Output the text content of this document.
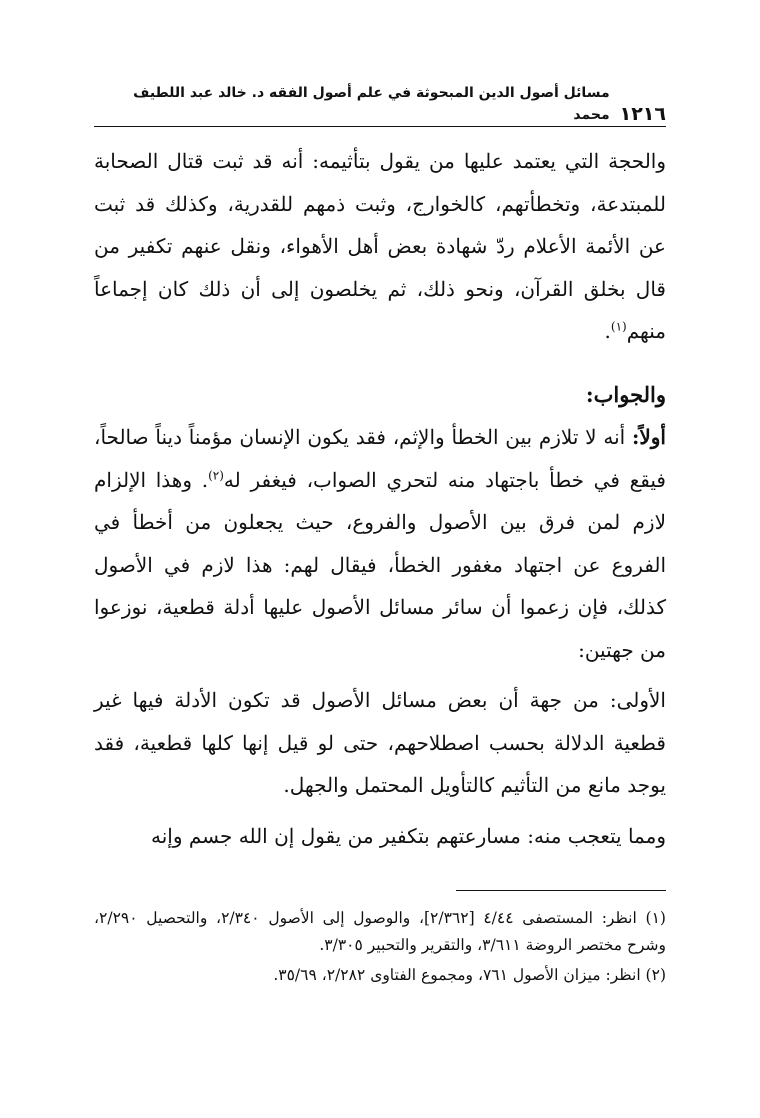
١٢١٦
مسائل أصول الدين المبحوثة في علم أصول الفقه د. خالد عبد اللطيف محمد

والحجة التي يعتمد عليها من يقول بتأثيمه: أنه قد ثبت قتال الصحابة للمبتدعة، وتخطأتهم، كالخوارج، وثبت ذمهم للقدرية، وكذلك قد ثبت عن الأئمة الأعلام ردّ شهادة بعض أهل الأهواء، ونقل عنهم تكفير من قال بخلق القرآن، ونحو ذلك، ثم يخلصون إلى أن ذلك كان إجماعاً منهم$^{(١)}$.

والجواب:

أولاً: أنه لا تلازم بين الخطأ والإثم، فقد يكون الإنسان مؤمناً ديناً صالحاً، فيقع في خطأ باجتهاد منه لتحري الصواب، فيغفر له$^{(٢)}$. وهذا الإلزام لازم لمن فرق بين الأصول والفروع، حيث يجعلون من أخطأ في الفروع عن اجتهاد مغفور الخطأ، فيقال لهم: هذا لازم في الأصول كذلك، فإن زعموا أن سائر مسائل الأصول عليها أدلة قطعية، نوزعوا من جهتين:

الأولى: من جهة أن بعض مسائل الأصول قد تكون الأدلة فيها غير قطعية الدلالة بحسب اصطلاحهم، حتى لو قيل إنها كلها قطعية، فقد يوجد مانع من التأثيم كالتأويل المحتمل والجهل.

ومما يتعجب منه: مسارعتهم بتكفير من يقول إن الله جسم وإنه

(١) انظر: المستصفى ٤/٤٤ [٢/٣٦٢]، والوصول إلى الأصول ٢/٣٤٠، والتحصيل ٢/٢٩٠، وشرح مختصر الروضة ٣/٦١١، والتقرير والتحبير ٣/٣٠٥.

(٢) انظر: ميزان الأصول ٧٦١، ومجموع الفتاوى ٢/٢٨٢، ٣٥/٦٩.
